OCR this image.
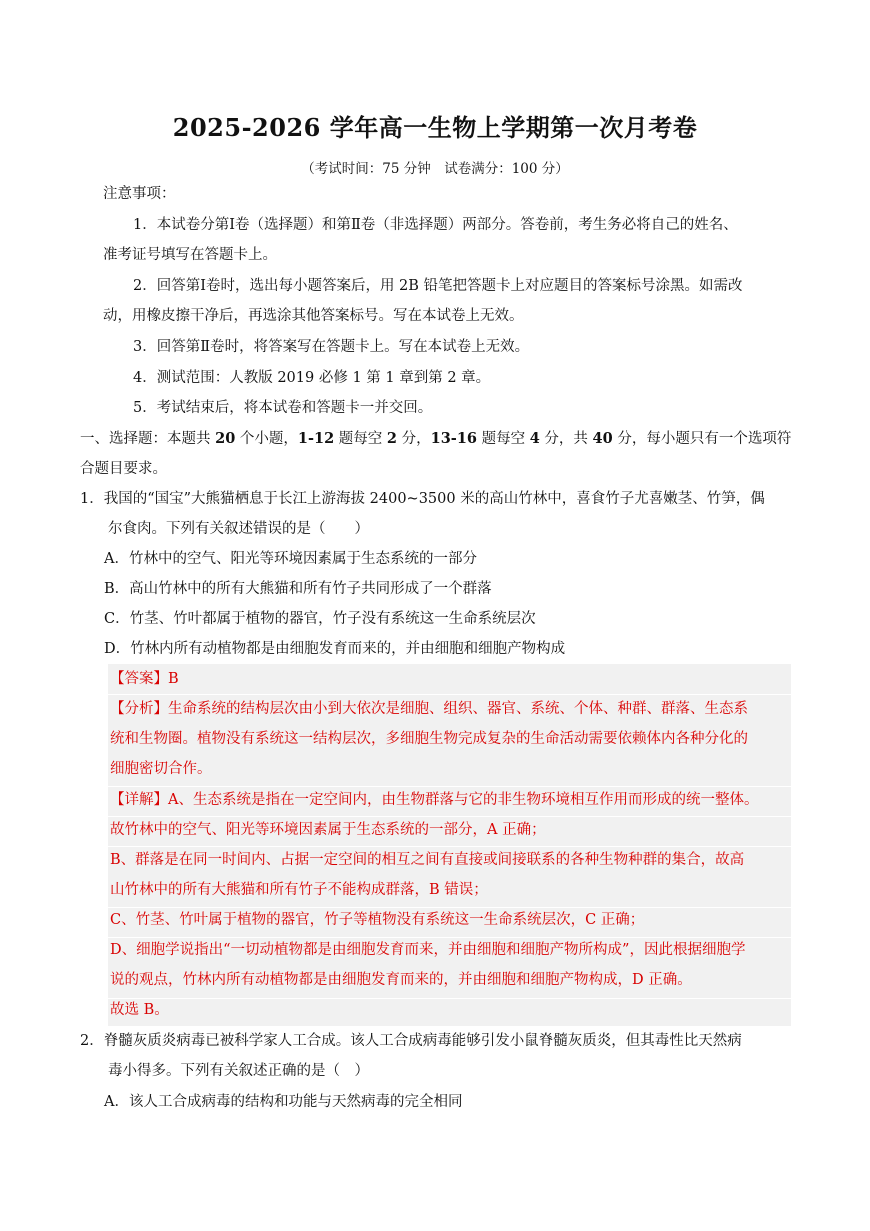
2025-2026 学年高一生物上学期第一次月考卷
（考试时间：75 分钟　试卷满分：100 分）
注意事项：
1．本试卷分第Ⅰ卷（选择题）和第Ⅱ卷（非选择题）两部分。答卷前，考生务必将自己的姓名、
准考证号填写在答题卡上。
2．回答第Ⅰ卷时，选出每小题答案后，用 2B 铅笔把答题卡上对应题目的答案标号涂黑。如需改
动，用橡皮擦干净后，再选涂其他答案标号。写在本试卷上无效。
3．回答第Ⅱ卷时，将答案写在答题卡上。写在本试卷上无效。
4．测试范围：人教版 2019 必修 1 第 1 章到第 2 章。
5．考试结束后，将本试卷和答题卡一并交回。
一、选择题：本题共 20 个小题，1-12 题每空 2 分，13-16 题每空 4 分，共 40 分，每小题只有一个选项符
合题目要求。
1．我国的“国宝”大熊猫栖息于长江上游海拔 2400~3500 米的高山竹林中，喜食竹子尤喜嫩茎、竹笋，偶
尔食肉。下列有关叙述错误的是（　　）
A．竹林中的空气、阳光等环境因素属于生态系统的一部分
B．高山竹林中的所有大熊猫和所有竹子共同形成了一个群落
C．竹茎、竹叶都属于植物的器官，竹子没有系统这一生命系统层次
D．竹林内所有动植物都是由细胞发育而来的，并由细胞和细胞产物构成
【答案】B
【分析】生命系统的结构层次由小到大依次是细胞、组织、器官、系统、个体、种群、群落、生态系
统和生物圈。植物没有系统这一结构层次，多细胞生物完成复杂的生命活动需要依赖体内各种分化的
细胞密切合作。
【详解】A、生态系统是指在一定空间内，由生物群落与它的非生物环境相互作用而形成的统一整体。
故竹林中的空气、阳光等环境因素属于生态系统的一部分，A 正确；
B、群落是在同一时间内、占据一定空间的相互之间有直接或间接联系的各种生物种群的集合，故高
山竹林中的所有大熊猫和所有竹子不能构成群落，B 错误；
C、竹茎、竹叶属于植物的器官，竹子等植物没有系统这一生命系统层次，C 正确；
D、细胞学说指出“一切动植物都是由细胞发育而来，并由细胞和细胞产物所构成”，因此根据细胞学
说的观点，竹林内所有动植物都是由细胞发育而来的，并由细胞和细胞产物构成，D 正确。
故选 B。
2．脊髓灰质炎病毒已被科学家人工合成。该人工合成病毒能够引发小鼠脊髓灰质炎，但其毒性比天然病
毒小得多。下列有关叙述正确的是（　）
A．该人工合成病毒的结构和功能与天然病毒的完全相同
